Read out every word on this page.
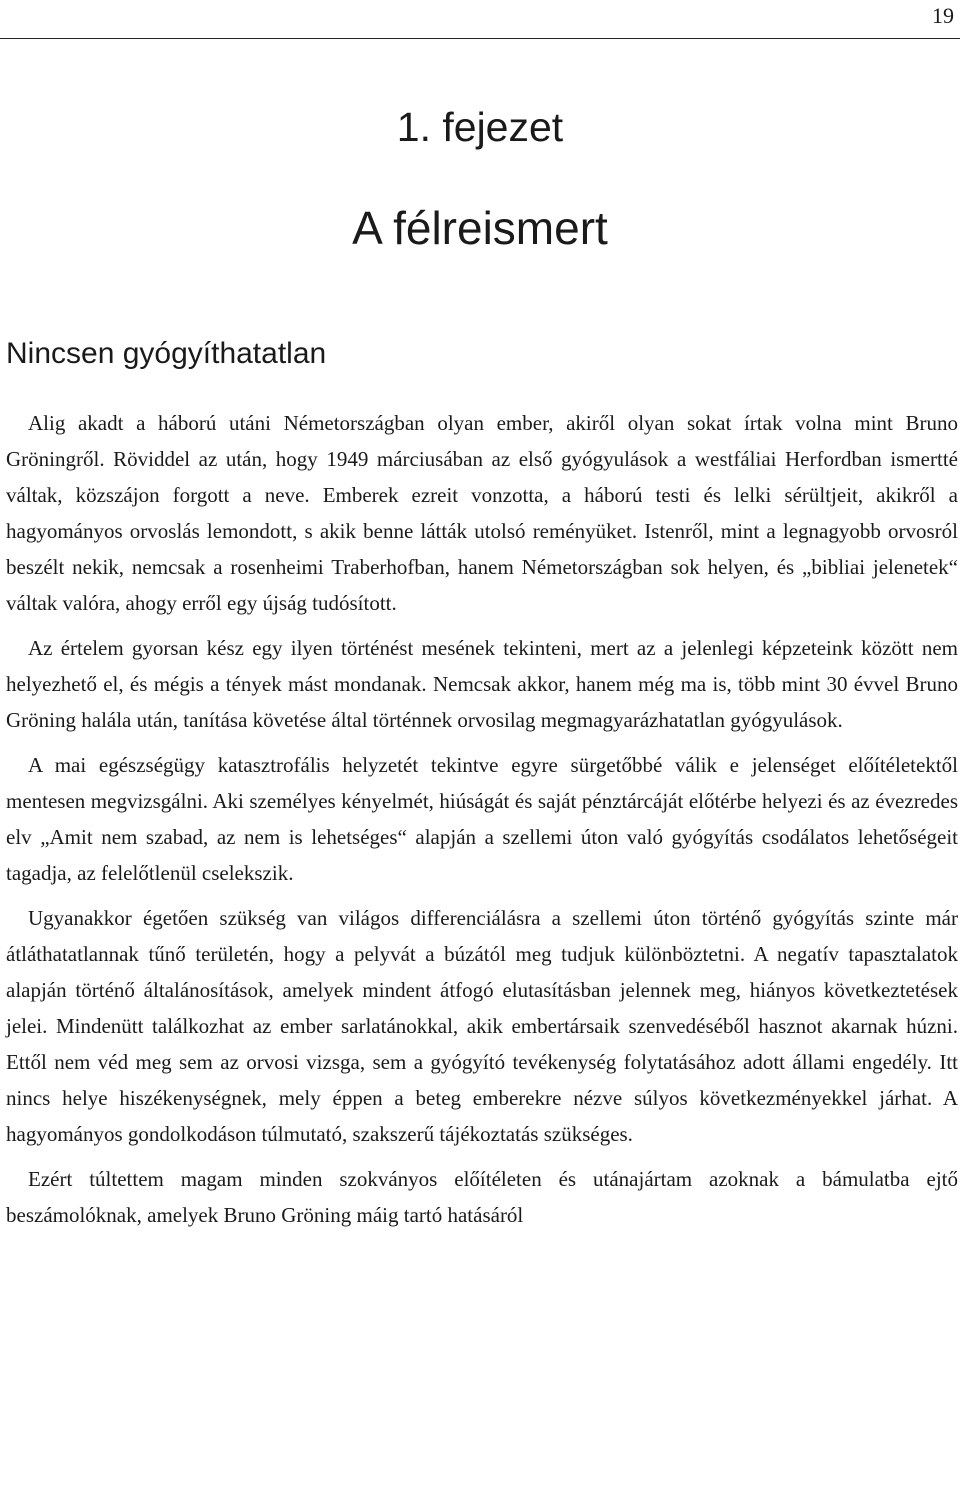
19
1. fejezet
A félreismert
Nincsen gyógyíthatatlan

Alig akadt a háború utáni Németországban olyan ember, akiről olyan sokat írtak volna mint Bruno Gröningről. Röviddel az után, hogy 1949 márciusában az első gyógyulások a westfáliai Herfordban ismertté váltak, közszájon forgott a neve. Emberek ezreit vonzotta, a háború testi és lelki sérültjeit, akikről a hagyományos orvoslás lemondott, s akik benne látták utolsó reményüket. Istenről, mint a legnagyobb orvosról beszélt nekik, nemcsak a rosenheimi Traberhofban, hanem Németországban sok helyen, és „bibliai jelenetek“ váltak valóra, ahogy erről egy újság tudósított.

Az értelem gyorsan kész egy ilyen történést mesének tekinteni, mert az a jelenlegi képzeteink között nem helyezhető el, és mégis a tények mást mondanak. Nemcsak akkor, hanem még ma is, több mint 30 évvel Bruno Gröning halála után, tanítása követése által történnek orvosilag megmagyarázhatatlan gyógyulások.

A mai egészségügy katasztrofális helyzetét tekintve egyre sürgetőbbé válik e jelenséget előítéletektől mentesen megvizsgálni. Aki személyes kényelmét, hiúságát és saját pénztárcáját előtérbe helyezi és az évezredes elv „Amit nem szabad, az nem is lehetséges“ alapján a szellemi úton való gyógyítás csodálatos lehetőségeit tagadja, az felelőtlenül cselekszik.

Ugyanakkor égetően szükség van világos differenciálásra a szellemi úton történő gyógyítás szinte már átláthatatlannak tűnő területén, hogy a pelyvát a búzától meg tudjuk különböztetni. A negatív tapasztalatok alapján történő általánosítások, amelyek mindent átfogó elutasításban jelennek meg, hiányos következtetések jelei. Mindenütt találkozhat az ember sarlatánokkal, akik embertársaik szenvedéséből hasznot akarnak húzni. Ettől nem véd meg sem az orvosi vizsga, sem a gyógyító tevékenység folytatásához adott állami engedély. Itt nincs helye hiszékenységnek, mely éppen a beteg emberekre nézve súlyos következményekkel járhat. A hagyományos gondolkodáson túlmutató, szakszerű tájékoztatás szükséges.

Ezért túltettem magam minden szokványos előítéleten és utánajártam azoknak a bámulatba ejtő beszámolóknak, amelyek Bruno Gröning máig tartó hatásáról
